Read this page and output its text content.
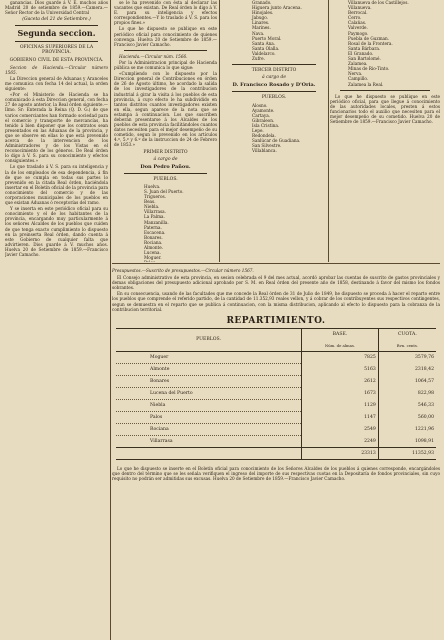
ganancias. Dios guarde á V. E. muchos años Madrid 20 de setiembre de 1859.—Camera.—Señor Rector de la Universidad Central

(Gaceta del 21 de Setiembre.)

Segunda seccion.
OFICINAS SUPERIORES DE LA PROVINCIA.
GOBIERNO CIVIL DE ESTA PROVINCIA.

Seccion de Hacienda.—Circular número 1565.

La Direccion general de Aduanas y Aranceles me comunica con fecha 14 del actual, la orden siguiente:

«Por el Ministerio de Hacienda se ha comunicado á esta Direccion general, con fecha 27 de agosto anterior, la Real órden siguiente.—Ilmo. Sr: Enterada la Reina (Q. D. G.) de que varios comerciantes han formado sociedad para el comercio y transporte de mercancías, ha tenido á bien disponer que los contratos sean presentados en las Aduanas de la provincia, y que se observe en ellas lo que está prevenido acerca de la intervencion de los Administradores y de los Vistas en el reconocimiento de los géneros. De Real órden lo digo á V. S. para su conocimiento y efectos consiguientes.»

Lo que traslado á V. S. para su inteligencia y la de los empleados de esa dependencia, á fin de que se cumpla en todas sus partes lo prevenido en la citada Real órden, haciéndola insertar en el Boletín oficial de la provincia para conocimiento del comercio y de las corporaciones municipales de los pueblos en que existan Aduanas ó receptorías del ramo.

Y se inserta en este periódico oficial para su conocimiento y el de los habitantes de la provincia, encargando muy particularmente á los señores Alcaldes de los pueblos que cuiden de que tenga exacto cumplimiento lo dispuesto en la preinserta Real órden, dando cuenta á este Gobierno de cualquier falta que advirtieren. Dios guarde á V. muchos años. Huelva 20 de Setiembre de 1859.—Francisco Javier Camacho.

se le ha prevenido con ésta al declarar las vacantes que existan. De Real órden lo digo á V. E. para su inteligencia y efectos correspondientes.—Y lo traslado á V. S. para los propios fines.»

Lo que he dispuesto se publique en este periódico oficial para conocimiento de quienes convenga. Huelva 20 de Setiembre de 1859.—Francisco Javier Camacho.

Hacienda.—Circular núm. 1566.

Por la Administracion principal de Hacienda pública se me comunica lo que sigue:

«Cumpliendo con lo dispuesto por la Direccion general de Contribuciones en órden de 26 de Agosto último, he acordado la salida de los investigadores de la contribucion industrial á girar la visita á los pueblos de esta provincia, á cuyo efecto le ha subdividido en tantos distritos cuantos investigadores existen en ella, segun aparece de la nota que se estampa á continuacion. Los que suscriben deberán presentarse á los Alcaldes de los pueblos de esta provincia facilitándoles cuantos datos necesiten para el mejor desempeño de su cometido, segun lo prevenido en los artículos 4.º, 5.º y 6.º de la instruccion de 24 de Febrero de 1853.»

PRIMER DISTRITO
á cargo de
Don Pedro Pañou.
PUEBLOS.
Huelva.
S. Juan del Puerto.
Trigueros.
Beas.
Niebla.
Villarrasa.
La Palma.
Manzanilla.
Paterna.
Escacena.
Bonares.
Rociana.
Almonte.
Lucena.
Moguer.
Granado.
Higuera junto Aracena.
Hinojales.
Jabugo.
Linares.
Marines.
Nava.
Puerto Moral.
Santa Ana.
Santa Olalla.
Valdelarco.
Zufre.
TERCER DISTRITO
á cargo de
D. Francisco Rosado y D'Oria.
PUEBLOS.
Alosno.
Ayamonte.
Cartaya.
Gibraleon.
Isla Cristina.
Lepe.
Redondela.
Sanlúcar de Guadiana.
San Silvestre.
Villablanca.
Villanueva de los Castillejos.
Villanueva.
Berrocal.
Cerro.
Calañas.
Valverde.
Paymogo.
Puebla de Guzman.
Rosal de la Frontera.
Santa Bárbara.
El Granado.
San Bartolomé.
Zalamea.
Minas de Rio-Tinto.
Nerva.
Campillo.
Zalamea la Real.

Lo que he dispuesto se publique en este periódico oficial, para que llegue á conocimiento de las autoridades locales, presten á estos funcionarios todo el auxilio que necesiten para el mejor desempeño de su cometido. Huelva 20 de Setiembre de 1859.—Francisco Javier Camacho.

Presupuestos.—Suscrito de presupuestos.—Circular número 1567.

El Consejo administrativo de esta provincia, en sesion celebrada el 9 del mes actual, acordó aprobar las cuentas de suscrito de gastos provinciales y demas obligaciones del presupuesto adicional aprobado por S. M. en Real órden del presente año de 1858, destinando á favor del mismo los fondos sobrantes.

En su consecuencia, usando de las facultades que me concede la Real órden de 31 de Julio de 1849, he dispuesto se proceda á hacer el reparto entre los pueblos que comprende el referido partido, de la cantidad de 11.352,93 reales vellon, y á cobrar de los contribuyentes sus respectivos contingentes, segun se demuestra en el reparto que se publica á continuacion, con la misma distribucion, aplicando al efecto lo dispuesto para la cobranza de la contribucion territorial.

REPARTIMIENTO.
PUEBLOS.	BASE.	CUOTA.
	Núm. de almas.	Rvn. cents.
Moguer	7825	3579,76
Almonte	5163	2318,42
Bonares	2612	1064,57
Lucena del Puerto	1673	822,98
Niebla	1129	546,33
Palos	1147	560,00
Rociana	2549	1221,96
Villarrasa	2249	1098,91
	23313	11352,93

Lo que he dispuesto se inserte en el Boletín oficial para conocimiento de los Señores Alcaldes de los pueblos á quienes corresponde, encargándoles que dentro del término que se les señala verifiquen el ingreso del importe de sus respectivas cuotas en la Depositaría de fondos provinciales, sin cuyo requisito no podrán ser admitidas sus excusas. Huelva 20 de Setiembre de 1859.—Francisco Javier Camacho.
